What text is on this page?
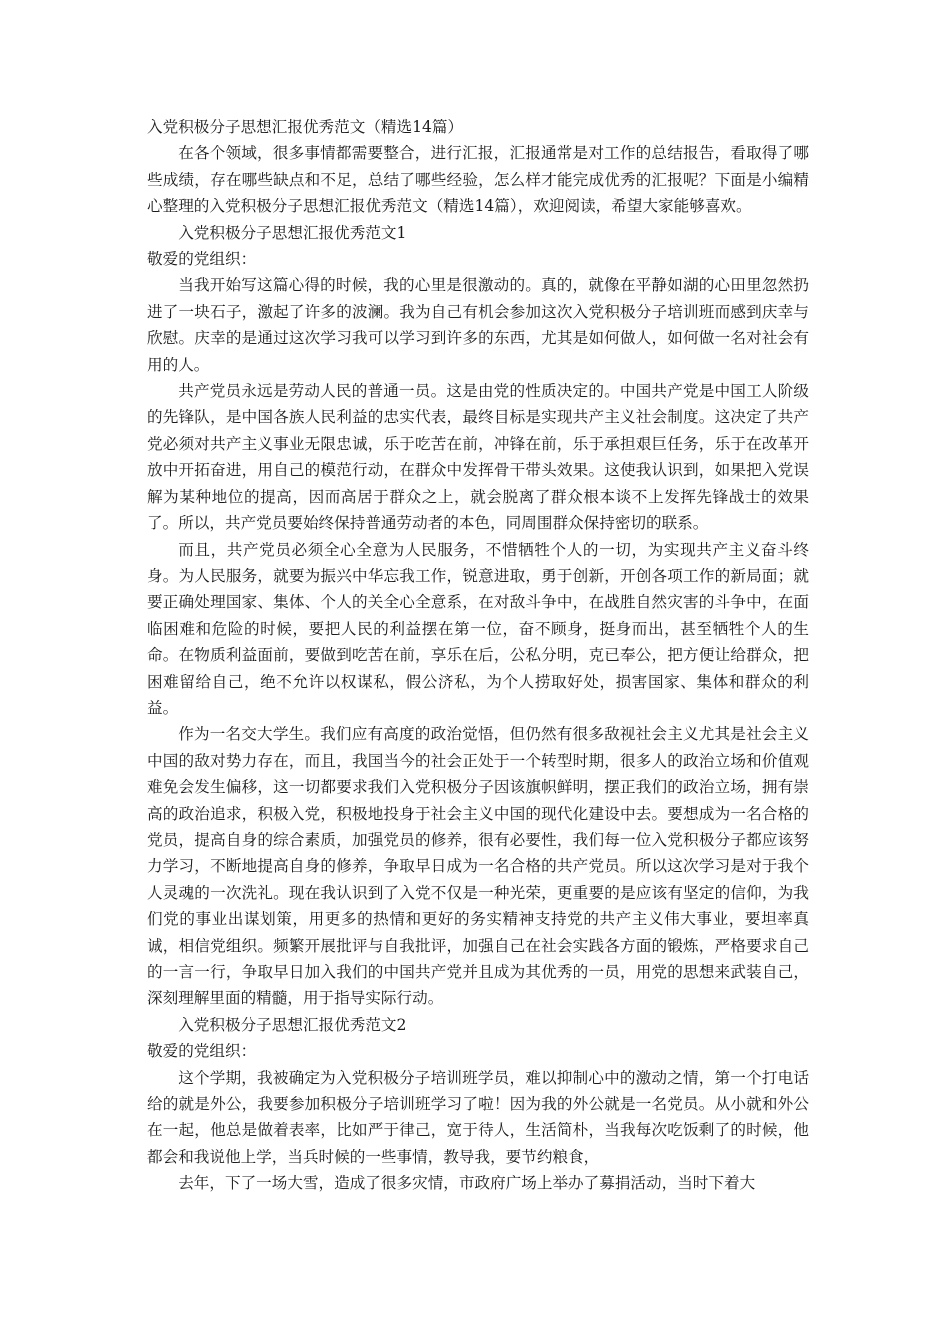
入党积极分子思想汇报优秀范文（精选14篇）

在各个领域，很多事情都需要整合，进行汇报，汇报通常是对工作的总结报告，看取得了哪些成绩，存在哪些缺点和不足，总结了哪些经验，怎么样才能完成优秀的汇报呢？下面是小编精心整理的入党积极分子思想汇报优秀范文（精选14篇），欢迎阅读，希望大家能够喜欢。

入党积极分子思想汇报优秀范文1

敬爱的党组织：

当我开始写这篇心得的时候，我的心里是很激动的。真的，就像在平静如湖的心田里忽然扔进了一块石子，激起了许多的波澜。我为自己有机会参加这次入党积极分子培训班而感到庆幸与欣慰。庆幸的是通过这次学习我可以学习到许多的东西，尤其是如何做人，如何做一名对社会有用的人。

共产党员永远是劳动人民的普通一员。这是由党的性质决定的。中国共产党是中国工人阶级的先锋队，是中国各族人民利益的忠实代表，最终目标是实现共产主义社会制度。这决定了共产党必须对共产主义事业无限忠诚，乐于吃苦在前，冲锋在前，乐于承担艰巨任务，乐于在改革开放中开拓奋进，用自己的模范行动，在群众中发挥骨干带头效果。这使我认识到，如果把入党误解为某种地位的提高，因而高居于群众之上，就会脱离了群众根本谈不上发挥先锋战士的效果了。所以，共产党员要始终保持普通劳动者的本色，同周围群众保持密切的联系。

而且，共产党员必须全心全意为人民服务，不惜牺牲个人的一切，为实现共产主义奋斗终身。为人民服务，就要为振兴中华忘我工作，锐意进取，勇于创新，开创各项工作的新局面；就要正确处理国家、集体、个人的关全心全意系，在对敌斗争中，在战胜自然灾害的斗争中，在面临困难和危险的时候，要把人民的利益摆在第一位，奋不顾身，挺身而出，甚至牺牲个人的生命。在物质利益面前，要做到吃苦在前，享乐在后，公私分明，克已奉公，把方便让给群众，把困难留给自己，绝不允许以权谋私，假公济私，为个人捞取好处，损害国家、集体和群众的利益。

作为一名交大学生。我们应有高度的政治觉悟，但仍然有很多敌视社会主义尤其是社会主义中国的敌对势力存在，而且，我国当今的社会正处于一个转型时期，很多人的政治立场和价值观难免会发生偏移，这一切都要求我们入党积极分子因该旗帜鲜明，摆正我们的政治立场，拥有崇高的政治追求，积极入党，积极地投身于社会主义中国的现代化建设中去。要想成为一名合格的党员，提高自身的综合素质，加强党员的修养，很有必要性，我们每一位入党积极分子都应该努力学习，不断地提高自身的修养，争取早日成为一名合格的共产党员。所以这次学习是对于我个人灵魂的一次洗礼。现在我认识到了入党不仅是一种光荣，更重要的是应该有坚定的信仰，为我们党的事业出谋划策，用更多的热情和更好的务实精神支持党的共产主义伟大事业，要坦率真诚，相信党组织。频繁开展批评与自我批评，加强自己在社会实践各方面的锻炼，严格要求自己的一言一行，争取早日加入我们的中国共产党并且成为其优秀的一员，用党的思想来武装自己，深刻理解里面的精髓，用于指导实际行动。

入党积极分子思想汇报优秀范文2

敬爱的党组织：

这个学期，我被确定为入党积极分子培训班学员，难以抑制心中的激动之情，第一个打电话给的就是外公，我要参加积极分子培训班学习了啦！因为我的外公就是一名党员。从小就和外公在一起，他总是做着表率，比如严于律己，宽于待人，生活简朴，当我每次吃饭剩了的时候，他都会和我说他上学，当兵时候的一些事情，教导我，要节约粮食，

去年，下了一场大雪，造成了很多灾情，市政府广场上举办了募捐活动，当时下着大
